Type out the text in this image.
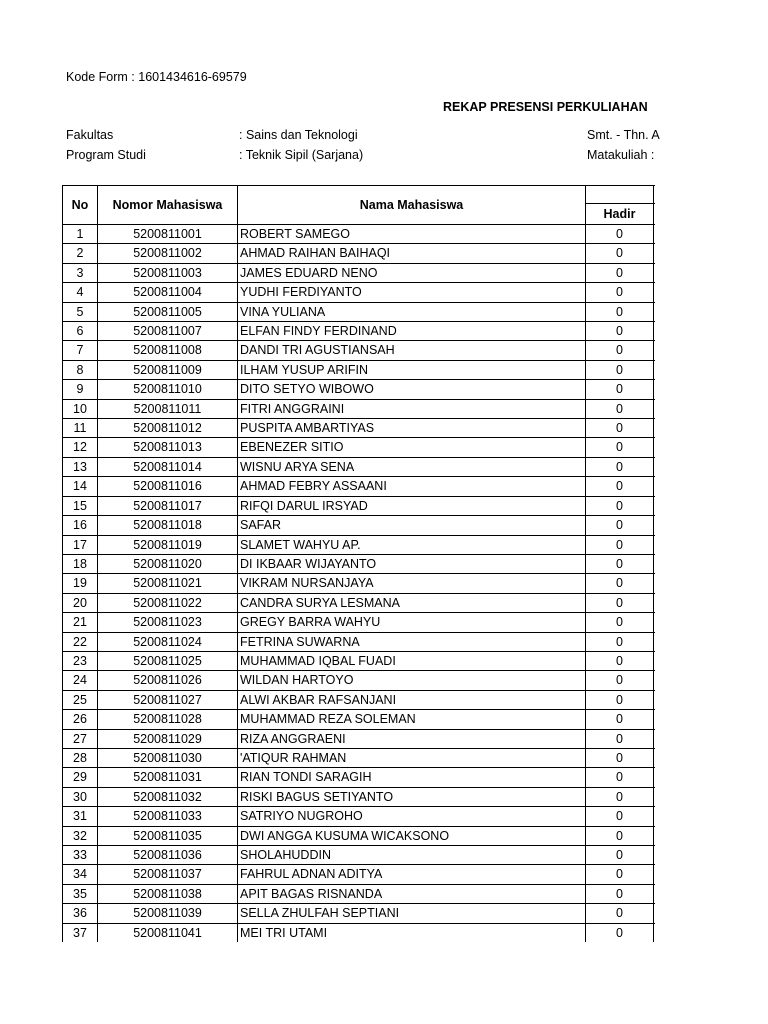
Kode Form : 1601434616-69579
REKAP PRESENSI PERKULIAHAN
Fakultas	: Sains dan Teknologi	Smt. - Thn. A
Program Studi	: Teknik Sipil (Sarjana)	Matakuliah :
No	Nomor Mahasiswa	Nama Mahasiswa		
			Hadir	
1	5200811001	ROBERT SAMEGO	0	
2	5200811002	AHMAD RAIHAN BAIHAQI	0	
3	5200811003	JAMES EDUARD NENO	0	
4	5200811004	YUDHI FERDIYANTO	0	
5	5200811005	VINA YULIANA	0	
6	5200811007	ELFAN FINDY FERDINAND	0	
7	5200811008	DANDI TRI AGUSTIANSAH	0	
8	5200811009	ILHAM YUSUP ARIFIN	0	
9	5200811010	DITO SETYO WIBOWO	0	
10	5200811011	FITRI ANGGRAINI	0	
11	5200811012	PUSPITA AMBARTIYAS	0	
12	5200811013	EBENEZER SITIO	0	
13	5200811014	WISNU ARYA SENA	0	
14	5200811016	AHMAD FEBRY ASSAANI	0	
15	5200811017	RIFQI DARUL IRSYAD	0	
16	5200811018	SAFAR	0	
17	5200811019	SLAMET WAHYU AP.	0	
18	5200811020	DI IKBAAR WIJAYANTO	0	
19	5200811021	VIKRAM NURSANJAYA	0	
20	5200811022	CANDRA SURYA LESMANA	0	
21	5200811023	GREGY BARRA WAHYU	0	
22	5200811024	FETRINA SUWARNA	0	
23	5200811025	MUHAMMAD IQBAL FUADI	0	
24	5200811026	WILDAN HARTOYO	0	
25	5200811027	ALWI AKBAR RAFSANJANI	0	
26	5200811028	MUHAMMAD REZA SOLEMAN	0	
27	5200811029	RIZA ANGGRAENI	0	
28	5200811030	'ATIQUR RAHMAN	0	
29	5200811031	RIAN TONDI SARAGIH	0	
30	5200811032	RISKI BAGUS SETIYANTO	0	
31	5200811033	SATRIYO NUGROHO	0	
32	5200811035	DWI ANGGA KUSUMA WICAKSONO	0	
33	5200811036	SHOLAHUDDIN	0	
34	5200811037	FAHRUL ADNAN ADITYA	0	
35	5200811038	APIT BAGAS RISNANDA	0	
36	5200811039	SELLA ZHULFAH SEPTIANI	0	
37	5200811041	MEI TRI UTAMI	0	
